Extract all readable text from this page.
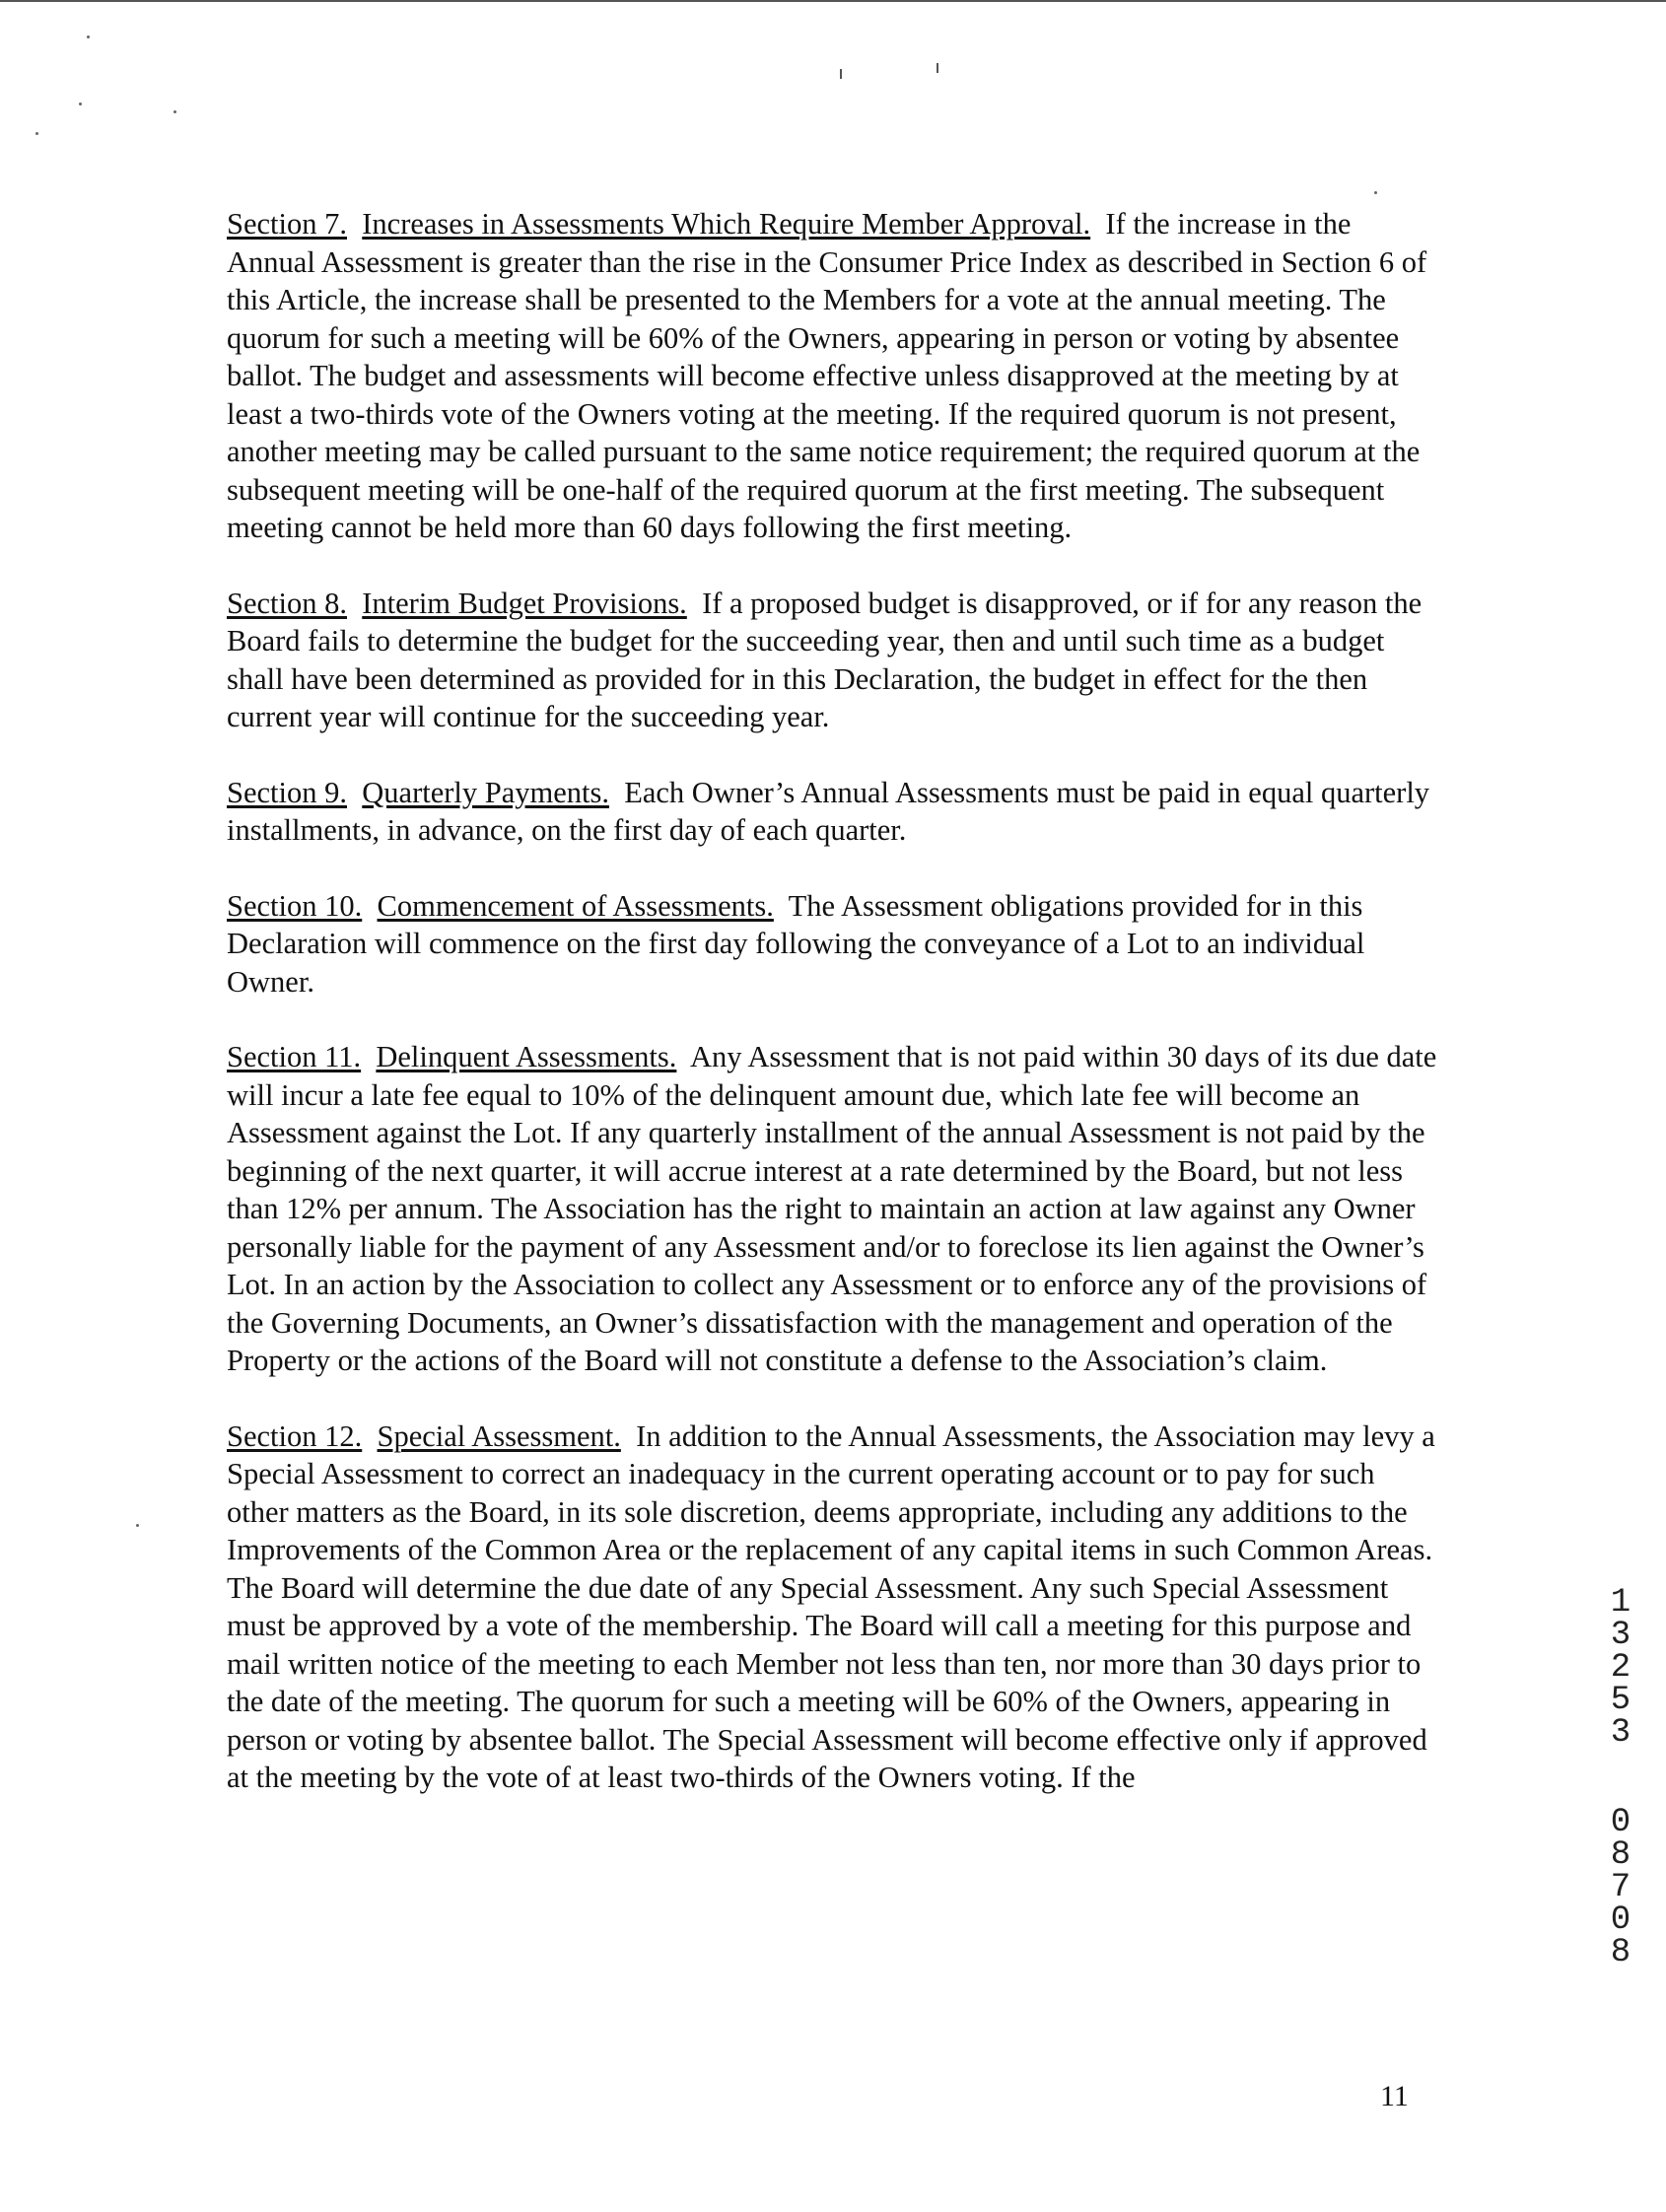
Section 7. Increases in Assessments Which Require Member Approval. If the increase in the Annual Assessment is greater than the rise in the Consumer Price Index as described in Section 6 of this Article, the increase shall be presented to the Members for a vote at the annual meeting. The quorum for such a meeting will be 60% of the Owners, appearing in person or voting by absentee ballot. The budget and assessments will become effective unless disapproved at the meeting by at least a two-thirds vote of the Owners voting at the meeting. If the required quorum is not present, another meeting may be called pursuant to the same notice requirement; the required quorum at the subsequent meeting will be one-half of the required quorum at the first meeting. The subsequent meeting cannot be held more than 60 days following the first meeting.

Section 8. Interim Budget Provisions. If a proposed budget is disapproved, or if for any reason the Board fails to determine the budget for the succeeding year, then and until such time as a budget shall have been determined as provided for in this Declaration, the budget in effect for the then current year will continue for the succeeding year.

Section 9. Quarterly Payments. Each Owner’s Annual Assessments must be paid in equal quarterly installments, in advance, on the first day of each quarter.

Section 10. Commencement of Assessments. The Assessment obligations provided for in this Declaration will commence on the first day following the conveyance of a Lot to an individual Owner.

Section 11. Delinquent Assessments. Any Assessment that is not paid within 30 days of its due date will incur a late fee equal to 10% of the delinquent amount due, which late fee will become an Assessment against the Lot. If any quarterly installment of the annual Assessment is not paid by the beginning of the next quarter, it will accrue interest at a rate determined by the Board, but not less than 12% per annum. The Association has the right to maintain an action at law against any Owner personally liable for the payment of any Assessment and/or to foreclose its lien against the Owner’s Lot. In an action by the Association to collect any Assessment or to enforce any of the provisions of the Governing Documents, an Owner’s dissatisfaction with the management and operation of the Property or the actions of the Board will not constitute a defense to the Association’s claim.

Section 12. Special Assessment. In addition to the Annual Assessments, the Association may levy a Special Assessment to correct an inadequacy in the current operating account or to pay for such other matters as the Board, in its sole discretion, deems appropriate, including any additions to the Improvements of the Common Area or the replacement of any capital items in such Common Areas. The Board will determine the due date of any Special Assessment. Any such Special Assessment must be approved by a vote of the membership. The Board will call a meeting for this purpose and mail written notice of the meeting to each Member not less than ten, nor more than 30 days prior to the date of the meeting. The quorum for such a meeting will be 60% of the Owners, appearing in person or voting by absentee ballot. The Special Assessment will become effective only if approved at the meeting by the vote of at least two-thirds of the Owners voting. If the

1
3
2
5
3
0
8
7
0
8
11
